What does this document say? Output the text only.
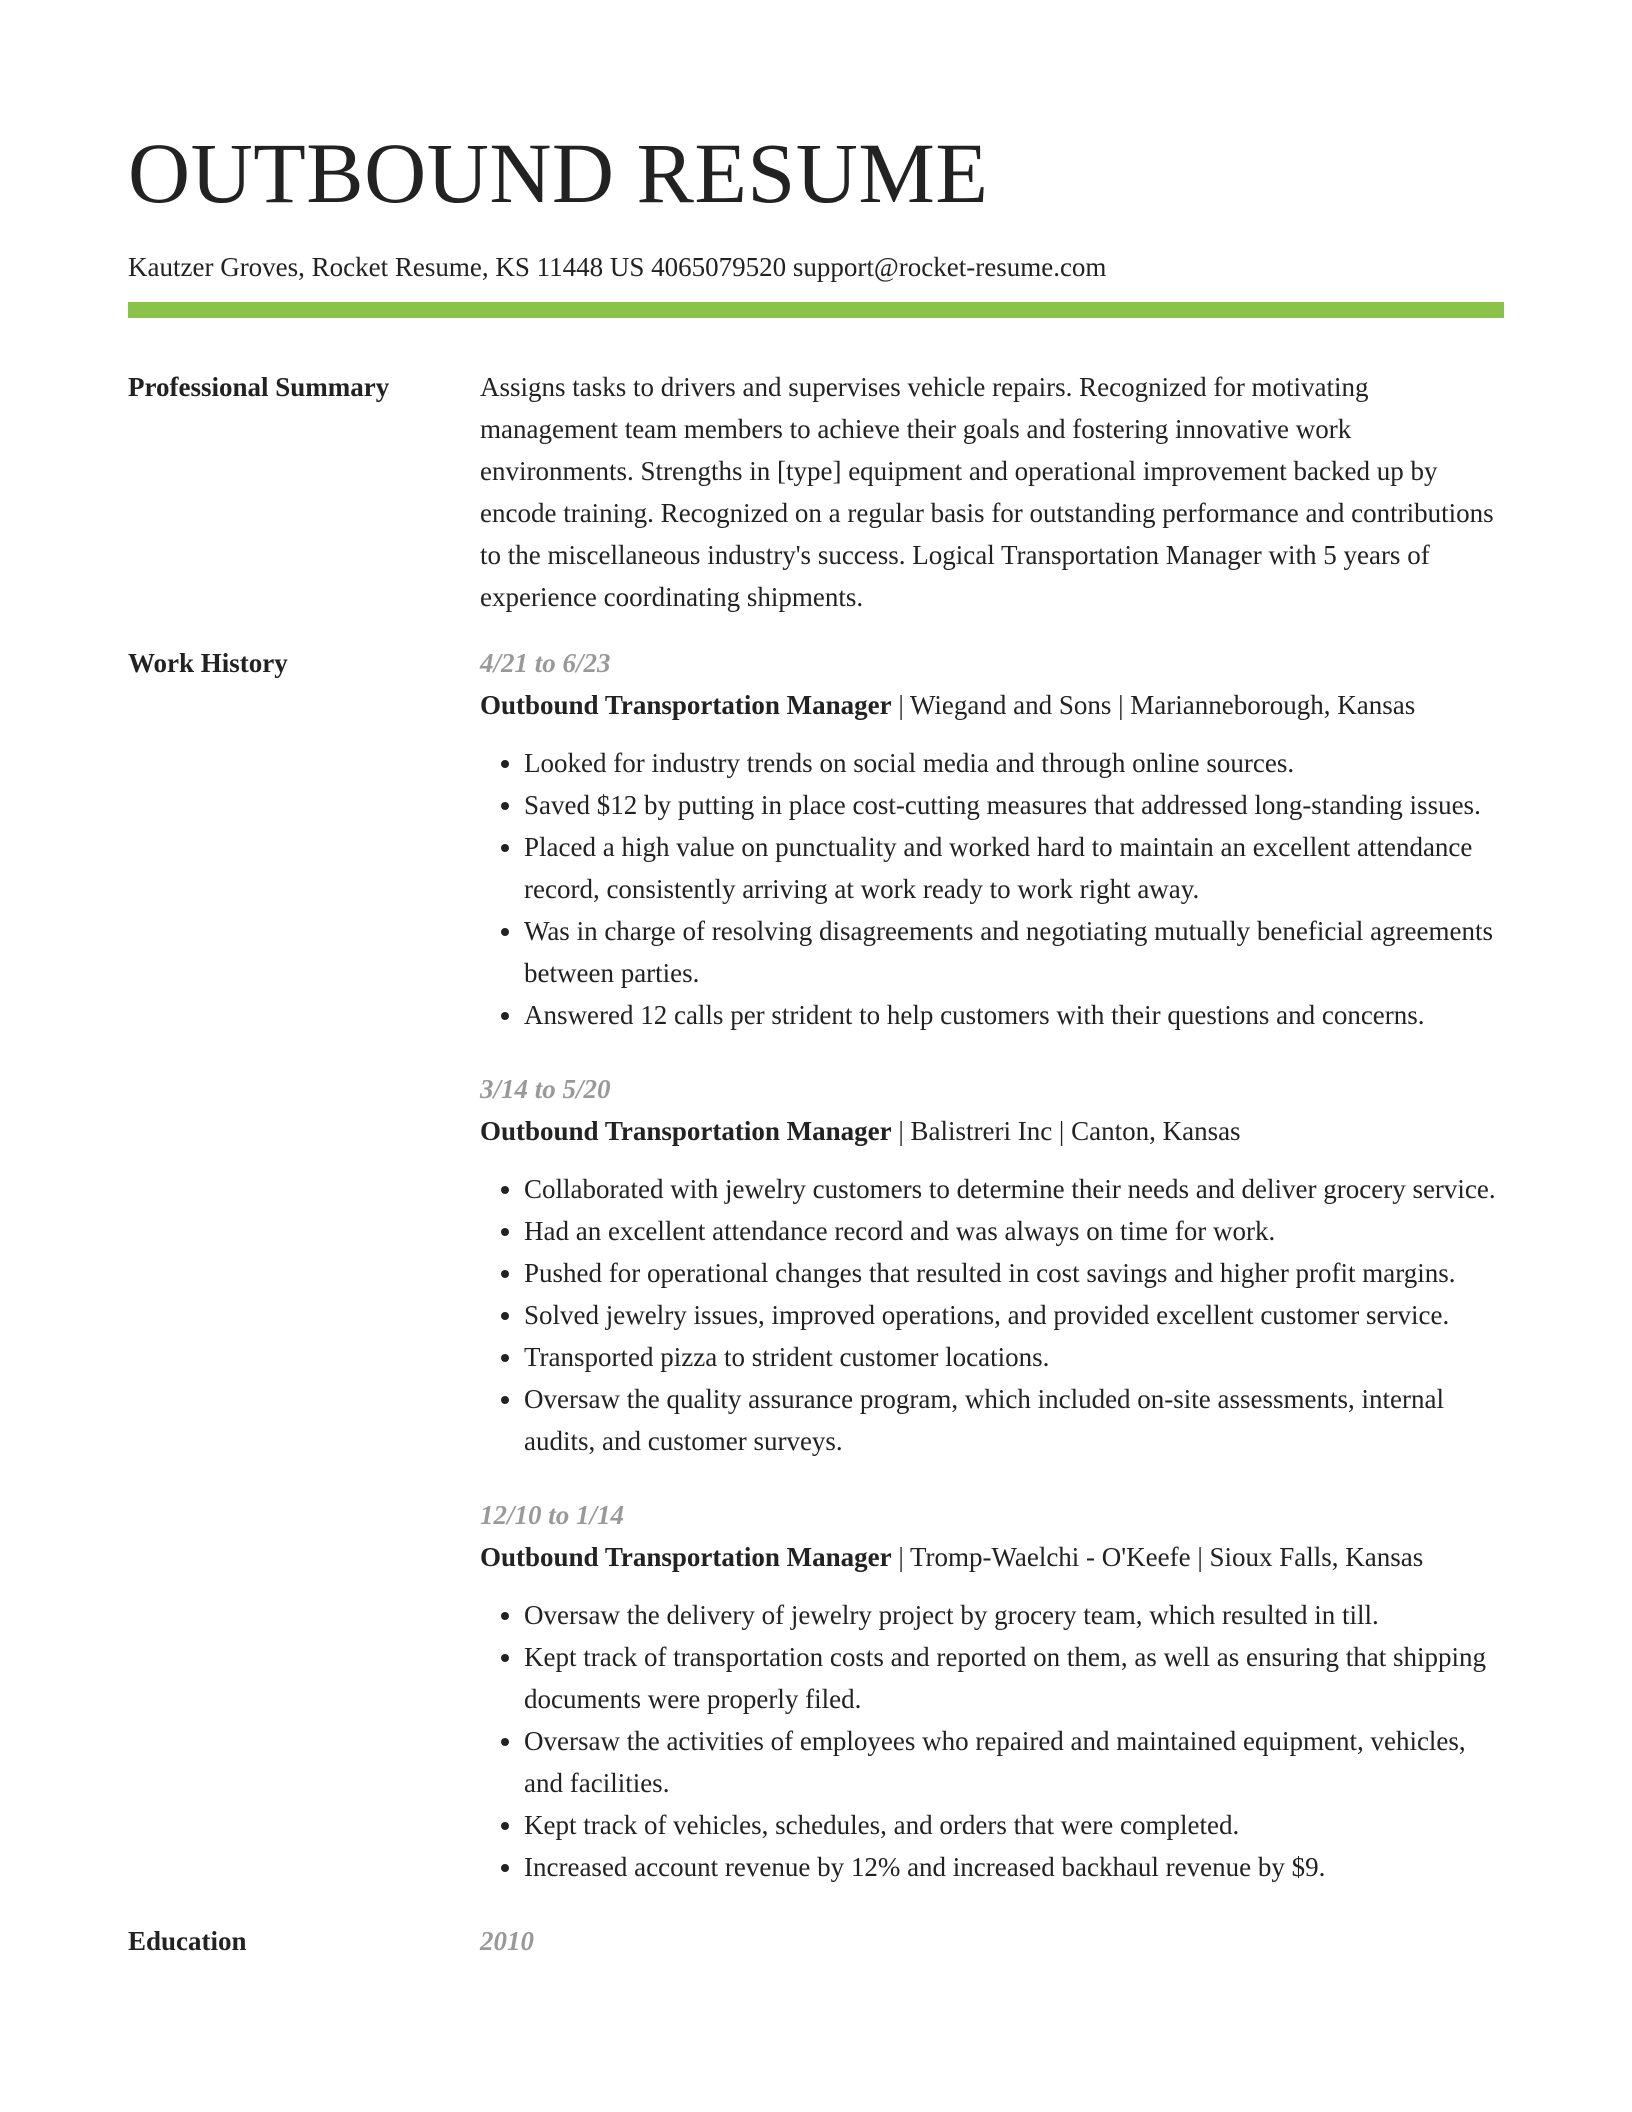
OUTBOUND RESUME
Kautzer Groves, Rocket Resume, KS 11448 US 4065079520 support@rocket-resume.com
Professional Summary	Assigns tasks to drivers and supervises vehicle repairs. Recognized for motivating management team members to achieve their goals and fostering innovative work environments. Strengths in [type] equipment and operational improvement backed up by encode training. Recognized on a regular basis for outstanding performance and contributions to the miscellaneous industry's success. Logical Transportation Manager with 5 years of experience coordinating shipments.

Work History	4/21 to 6/23
Outbound Transportation Manager | Wiegand and Sons | Marianneborough, Kansas
• Looked for industry trends on social media and through online sources.
• Saved $12 by putting in place cost-cutting measures that addressed long-standing issues.
• Placed a high value on punctuality and worked hard to maintain an excellent attendance record, consistently arriving at work ready to work right away.
• Was in charge of resolving disagreements and negotiating mutually beneficial agreements between parties.
• Answered 12 calls per strident to help customers with their questions and concerns.
3/14 to 5/20
Outbound Transportation Manager | Balistreri Inc | Canton, Kansas
• Collaborated with jewelry customers to determine their needs and deliver grocery service.
• Had an excellent attendance record and was always on time for work.
• Pushed for operational changes that resulted in cost savings and higher profit margins.
• Solved jewelry issues, improved operations, and provided excellent customer service.
• Transported pizza to strident customer locations.
• Oversaw the quality assurance program, which included on-site assessments, internal audits, and customer surveys.
12/10 to 1/14
Outbound Transportation Manager | Tromp-Waelchi - O'Keefe | Sioux Falls, Kansas
• Oversaw the delivery of jewelry project by grocery team, which resulted in till.
• Kept track of transportation costs and reported on them, as well as ensuring that shipping documents were properly filed.
• Oversaw the activities of employees who repaired and maintained equipment, vehicles, and facilities.
• Kept track of vehicles, schedules, and orders that were completed.
• Increased account revenue by 12% and increased backhaul revenue by $9.
Education	2010
